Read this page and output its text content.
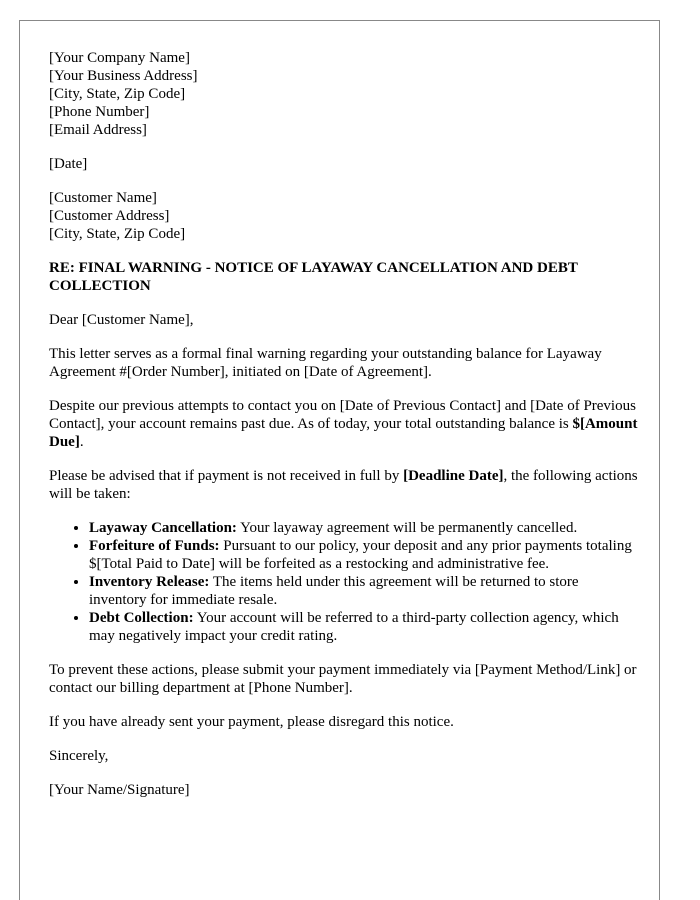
[Your Company Name]
[Your Business Address]
[City, State, Zip Code]
[Phone Number]
[Email Address]
[Date]
[Customer Name]
[Customer Address]
[City, State, Zip Code]

RE: FINAL WARNING - NOTICE OF LAYAWAY CANCELLATION AND DEBT COLLECTION

Dear [Customer Name],

This letter serves as a formal final warning regarding your outstanding balance for Layaway Agreement #[Order Number], initiated on [Date of Agreement].

Despite our previous attempts to contact you on [Date of Previous Contact] and [Date of Previous Contact], your account remains past due. As of today, your total outstanding balance is $[Amount Due].

Please be advised that if payment is not received in full by [Deadline Date], the following actions will be taken:

• Layaway Cancellation: Your layaway agreement will be permanently cancelled.
• Forfeiture of Funds: Pursuant to our policy, your deposit and any prior payments totaling $[Total Paid to Date] will be forfeited as a restocking and administrative fee.
• Inventory Release: The items held under this agreement will be returned to store inventory for immediate resale.
• Debt Collection: Your account will be referred to a third-party collection agency, which may negatively impact your credit rating.

To prevent these actions, please submit your payment immediately via [Payment Method/Link] or contact our billing department at [Phone Number].

If you have already sent your payment, please disregard this notice.

Sincerely,

[Your Name/Signature]
